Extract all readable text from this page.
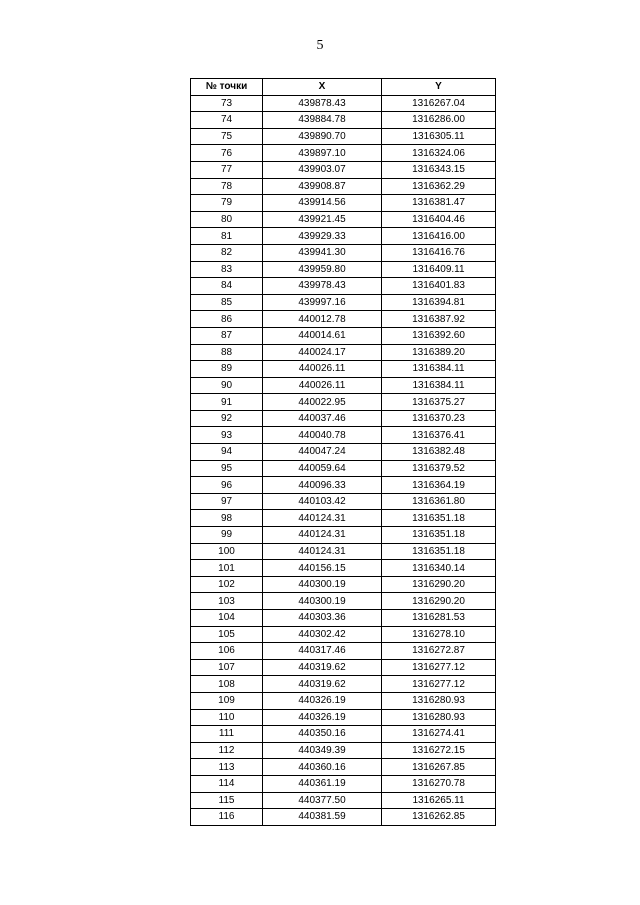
5
№ точки	X	Y
73	439878.43	1316267.04
74	439884.78	1316286.00
75	439890.70	1316305.11
76	439897.10	1316324.06
77	439903.07	1316343.15
78	439908.87	1316362.29
79	439914.56	1316381.47
80	439921.45	1316404.46
81	439929.33	1316416.00
82	439941.30	1316416.76
83	439959.80	1316409.11
84	439978.43	1316401.83
85	439997.16	1316394.81
86	440012.78	1316387.92
87	440014.61	1316392.60
88	440024.17	1316389.20
89	440026.11	1316384.11
90	440026.11	1316384.11
91	440022.95	1316375.27
92	440037.46	1316370.23
93	440040.78	1316376.41
94	440047.24	1316382.48
95	440059.64	1316379.52
96	440096.33	1316364.19
97	440103.42	1316361.80
98	440124.31	1316351.18
99	440124.31	1316351.18
100	440124.31	1316351.18
101	440156.15	1316340.14
102	440300.19	1316290.20
103	440300.19	1316290.20
104	440303.36	1316281.53
105	440302.42	1316278.10
106	440317.46	1316272.87
107	440319.62	1316277.12
108	440319.62	1316277.12
109	440326.19	1316280.93
110	440326.19	1316280.93
111	440350.16	1316274.41
112	440349.39	1316272.15
113	440360.16	1316267.85
114	440361.19	1316270.78
115	440377.50	1316265.11
116	440381.59	1316262.85
